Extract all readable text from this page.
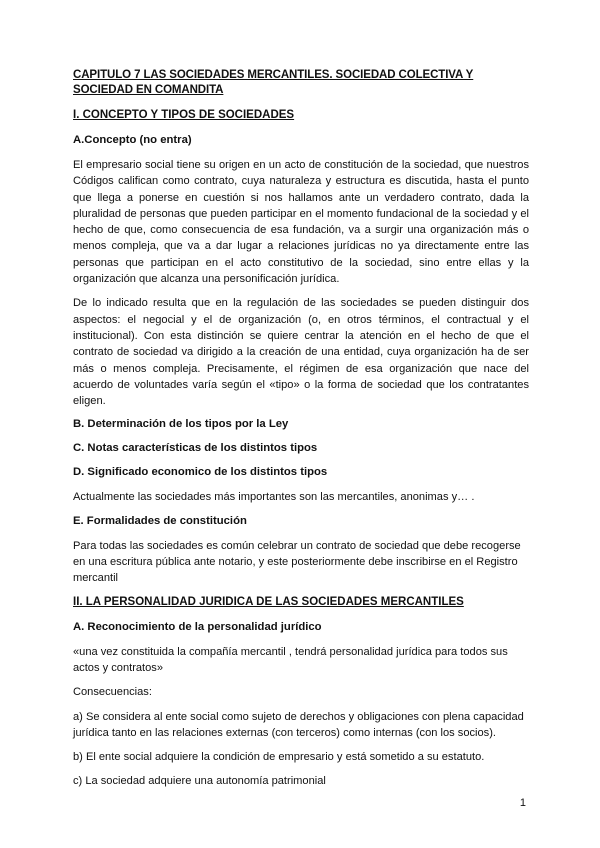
CAPITULO 7 LAS SOCIEDADES MERCANTILES. SOCIEDAD COLECTIVA Y SOCIEDAD EN COMANDITA

I. CONCEPTO Y TIPOS DE SOCIEDADES

A.Concepto (no entra)

El empresario social tiene su origen en un acto de constitución de la sociedad, que nuestros Códigos califican como contrato, cuya naturaleza y estructura es discutida, hasta el punto que llega a ponerse en cuestión si nos hallamos ante un verdadero contrato, dada la pluralidad de personas que pueden participar en el momento fundacional de la sociedad y el hecho de que, como consecuencia de esa fundación, va a surgir una organización más o menos compleja, que va a dar lugar a relaciones jurídicas no ya directamente entre las personas que participan en el acto constitutivo de la sociedad, sino entre ellas y la organización que alcanza una personificación jurídica.

De lo indicado resulta que en la regulación de las sociedades se pueden distinguir dos aspectos: el negocial y el de organización (o, en otros términos, el contractual y el institucional). Con esta distinción se quiere centrar la atención en el hecho de que el contrato de sociedad va dirigido a la creación de una entidad, cuya organización ha de ser más o menos compleja. Precisamente, el régimen de esa organización que nace del acuerdo de voluntades varía según el «tipo» o la forma de sociedad que los contratantes eligen.

B. Determinación de los tipos por la Ley

C. Notas características de los distintos tipos

D. Significado economico de los distintos tipos

Actualmente las sociedades más importantes son las mercantiles, anonimas y… .

E. Formalidades de constitución

Para todas las sociedades es común celebrar un contrato de sociedad que debe recogerse en una escritura pública ante notario, y este posteriormente debe inscribirse en el Registro mercantil

II. LA PERSONALIDAD JURIDICA DE LAS SOCIEDADES MERCANTILES

A. Reconocimiento de la personalidad jurídico

«una vez constituida la compañía mercantil , tendrá personalidad jurídica para todos sus actos y contratos»

Consecuencias:

a) Se considera al ente social como sujeto de derechos y obligaciones con plena capacidad jurídica tanto en las relaciones externas (con terceros) como internas (con los socios).

b) El ente social adquiere la condición de empresario y está sometido a su estatuto.

c) La sociedad adquiere una autonomía patrimonial

1
